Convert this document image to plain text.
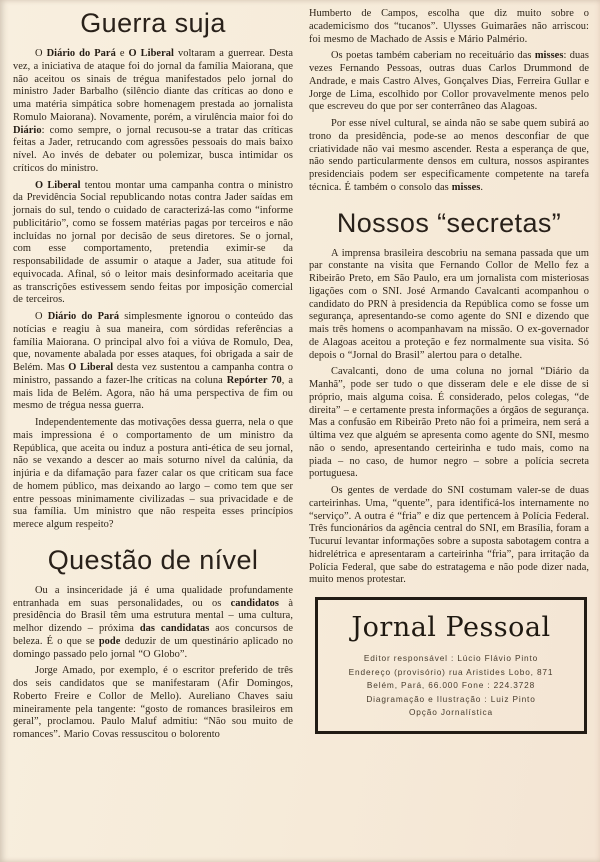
Guerra suja

O Diário do Pará e O Liberal voltaram a guerrear. Desta vez, a iniciativa de ataque foi do jornal da família Maiorana, que não aceitou os sinais de trégua manifestados pelo jornal do ministro Jader Barbalho (silêncio diante das críticas ao dono e uma matéria simpática sobre homenagem prestada ao jornalista Romulo Maiorana). Novamente, porém, a virulência maior foi do Diário: como sempre, o jornal recusou-se a tratar das críticas feitas a Jader, retrucando com agressões pessoais do mais baixo nível. Ao invés de debater ou polemizar, busca intimidar os críticos do ministro.

O Liberal tentou montar uma campanha contra o ministro da Previdência Social republicando notas contra Jader saídas em jornais do sul, tendo o cuidado de caracterizá-las como “informe publicitário”, como se fossem matérias pagas por terceiros e não incluídas no jornal por decisão de seus diretores. Se o jornal, com esse comportamento, pretendia eximir-se da responsabilidade de assumir o ataque a Jader, sua atitude foi equivocada. Afinal, só o leitor mais desinformado aceitaria que as transcrições estivessem sendo feitas por imposição comercial de terceiros.

O Diário do Pará simplesmente ignorou o conteúdo das notícias e reagiu à sua maneira, com sórdidas referências a família Maiorana. O principal alvo foi a viúva de Romulo, Dea, que, novamente abalada por esses ataques, foi obrigada a sair de Belém. Mas O Liberal desta vez sustentou a campanha contra o ministro, passando a fazer-lhe críticas na coluna Repórter 70, a mais lida de Belém. Agora, não há uma perspectiva de fim ou mesmo de trégua nessa guerra.

Independentemente das motivações dessa guerra, nela o que mais impressiona é o comportamento de um ministro da República, que aceita ou induz a postura anti-ética de seu jornal, não se vexando a descer ao mais soturno nível da calúnia, da injúria e da difamação para fazer calar os que criticam sua face de homem público, mas deixando ao largo – como tem que ser entre pessoas minimamente civilizadas – sua privacidade e de sua família. Um ministro que não respeita esses princípios merece algum respeito?

Questão de nível

Ou a insinceridade já é uma qualidade profundamente entranhada em suas personalidades, ou os candidatos à presidência do Brasil têm uma estrutura mental – uma cultura, melhor dizendo – próxima das candidatas aos concursos de beleza. É o que se pode deduzir de um questinário aplicado no domingo passado pelo jornal “O Globo”.

Jorge Amado, por exemplo, é o escritor preferido de três dos seis candidatos que se manifestaram (Afir Domingos, Roberto Freire e Collor de Mello). Aureliano Chaves saiu mineiramente pela tangente: “gosto de romances brasileiros em geral”, proclamou. Paulo Maluf admitiu: “Não sou muito de romances”. Mario Covas ressuscitou o bolorento

Humberto de Campos, escolha que diz muito sobre o academicismo dos “tucanos”. Ulysses Guimarães não arriscou: foi mesmo de Machado de Assis e Mário Palmério.

Os poetas também caberiam no receituário das misses: duas vezes Fernando Pessoas, outras duas Carlos Drummond de Andrade, e mais Castro Alves, Gonçalves Dias, Ferreira Gullar e Jorge de Lima, escolhido por Collor provavelmente menos pelo que escreveu do que por ser conterrâneo das Alagoas.

Por esse nível cultural, se ainda não se sabe quem subirá ao trono da presidência, pode-se ao menos desconfiar de que criatividade não vai mesmo ascender. Resta a esperança de que, não sendo particularmente densos em cultura, nossos aspirantes presidenciais podem ser especificamente competente na tarefa técnica. É também o consolo das misses.

Nossos “secretas”

A imprensa brasileira descobriu na semana passada que um par constante na visita que Fernando Collor de Mello fez a Ribeirão Preto, em São Paulo, era um jornalista com misteriosas ligações com o SNI. José Armando Cavalcanti acompanhou o candidato do PRN à presidencia da República como se fosse um segurança, apresentando-se como agente do SNI e dizendo que mais três homens o acompanhavam na missão. O ex-governador de Alagoas aceitou a proteção e fez normalmente sua visita. Só depois o “Jornal do Brasil” alertou para o detalhe.

Cavalcanti, dono de uma coluna no jornal “Diário da Manhã”, pode ser tudo o que disseram dele e ele disse de si próprio, mais alguma coisa. É considerado, pelos colegas, “de direita” – e certamente presta informações a órgãos de segurança. Mas a confusão em Ribeirão Preto não foi a primeira, nem será a última vez que alguém se apresenta como agente do SNI, mesmo não o sendo, apresentando certeirinha e tudo mais, como na piada – no caso, de humor negro – sobre a polícia secreta portuguesa.

Os gentes de verdade do SNI costumam valer-se de duas carteirinhas. Uma, “quente”, para identificá-los internamente no “serviço”. A outra é “fria” e diz que pertencem à Polícia Federal. Três funcionários da agência central do SNI, em Brasília, foram a Tucuruí levantar informações sobre a suposta sabotagem contra a hidrelétrica e apresentaram a carteirinha “fria”, para irritação da Polícia Federal, que sabe do estratagema e não pode dizer nada, muito menos protestar.

Jornal Pessoal

Editor responsável : Lúcio Flávio Pinto

Endereço (provisório) rua Aristides Lobo, 871

Belém, Pará, 66.000 Fone : 224.3728

Diagramação e Ilustração : Luiz Pinto

Opção Jornalística
